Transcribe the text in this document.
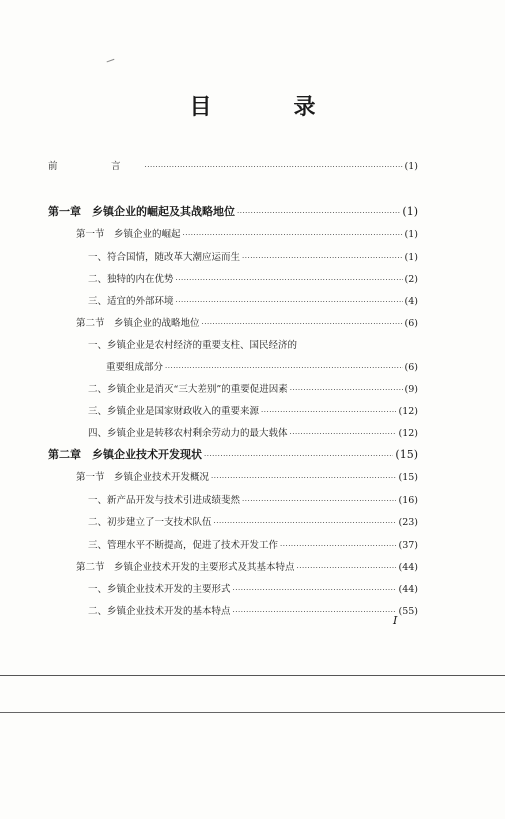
目　录
前　言 ·····	(1)
第一章　乡镇企业的崛起及其战略地位 ·····	(1)
第一节　乡镇企业的崛起 ·····	(1)
一、符合国情，随改革大潮应运而生 ·····	(1)
二、独特的内在优势 ·····	(2)
三、适宜的外部环境 ·····	(4)
第二节　乡镇企业的战略地位 ·····	(6)
一、乡镇企业是农村经济的重要支柱、国民经济的
重要组成部分 ·····	(6)
二、乡镇企业是消灭“三大差别”的重要促进因素 ·····	(9)
三、乡镇企业是国家财政收入的重要来源 ·····	(12)
四、乡镇企业是转移农村剩余劳动力的最大载体 ·····	(12)
第二章　乡镇企业技术开发现状 ·····	(15)
第一节　乡镇企业技术开发概况 ·····	(15)
一、新产品开发与技术引进成绩斐然 ·····	(16)
二、初步建立了一支技术队伍 ·····	(23)
三、管理水平不断提高，促进了技术开发工作 ·····	(37)
第二节　乡镇企业技术开发的主要形式及其基本特点 ·····	(44)
一、乡镇企业技术开发的主要形式 ·····	(44)
二、乡镇企业技术开发的基本特点 ·····	(55)
I
